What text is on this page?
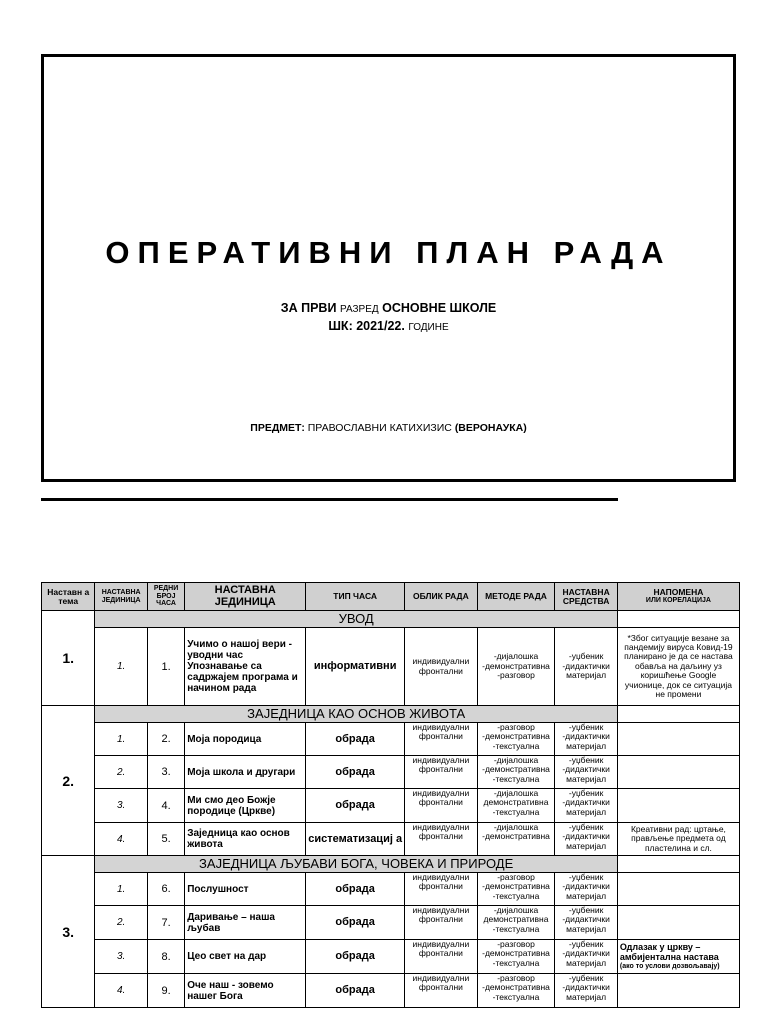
ОПЕРАТИВНИ ПЛАН РАДА
ЗА ПРВИ РАЗРЕД ОСНОВНЕ ШКОЛЕ
ШК: 2021/22. ГОДИНЕ
ПРЕДМЕТ: ПРАВОСЛАВНИ КАТИХИЗИС (ВЕРОНАУКА)
Наставн а тема	НАСТАВНА ЈЕДИНИЦА	РЕДНИ БРОЈ ЧАСА	НАСТАВНА ЈЕДИНИЦА	ТИП ЧАСА	ОБЛИК РАДА	МЕТОДЕ РАДА	НАСТАВНА СРЕДСТВА	НАПОМЕНА
ИЛИ КОРЕЛАЦИЈА

1.	УВОД							
	1.	1.	Учимо о нашој вери - уводни час Упознавање са садржајем програма и начином рада	информативни	индивидуални фронтални	-дијалошка -демонстративна -разговор	-уџбеник -дидактички материјал	*Због ситуације везане за пандемију вируса Ковид-19 планирано је да се настава обавља на даљину уз коришћење Google учионице, док се ситуација не промени
2.	ЗАЈЕДНИЦА КАО ОСНОВ ЖИВОТА							
	1.	2.	Моја породица	обрада	индивидуални фронтални	-разговор -демонстративна -текстуална	-уџбеник -дидактички материјал	
	2.	3.	Моја школа и другари	обрада	индивидуални фронтални	-дијалошка -демонстративна -текстуална	-уџбеник -дидактички материјал	
	3.	4.	Ми смо део Божје породице (Цркве)	обрада	индивидуални фронтални	-дијалошка демонстративна -текстуална	-уџбеник -дидактички материјал	
	4.	5.	Заједница као основ живота	систематизациј а	индивидуални фронтални	-дијалошка -демонстративна	-уџбеник -дидактички материјал	Креативни рад: цртање, прављење предмета од пластелина и сл.
3.	ЗАЈЕДНИЦА ЉУБАВИ БОГА, ЧОВЕКА И ПРИРОДЕ							
	1.	6.	Послушност	обрада	индивидуални фронтални	-разговор -демонстративна -текстуална	-уџбеник -дидактички материјал	
	2.	7.	Даривање – наша љубав	обрада	индивидуални фронтални	-дијалошка демонстративна -текстуална	-уџбеник -дидактички материјал	
	3.	8.	Цео свет на дар	обрада	индивидуални фронтални	-разговор -демонстративна -текстуална	-уџбеник -дидактички материјал	Одлазак у цркву – амбијентална настава
(ако то услови дозвољавају)

	4.	9.	Оче наш - зовемо нашег Бога	обрада	индивидуални фронтални	-разговор -демонстративна -текстуална	-уџбеник -дидактички материјал	
